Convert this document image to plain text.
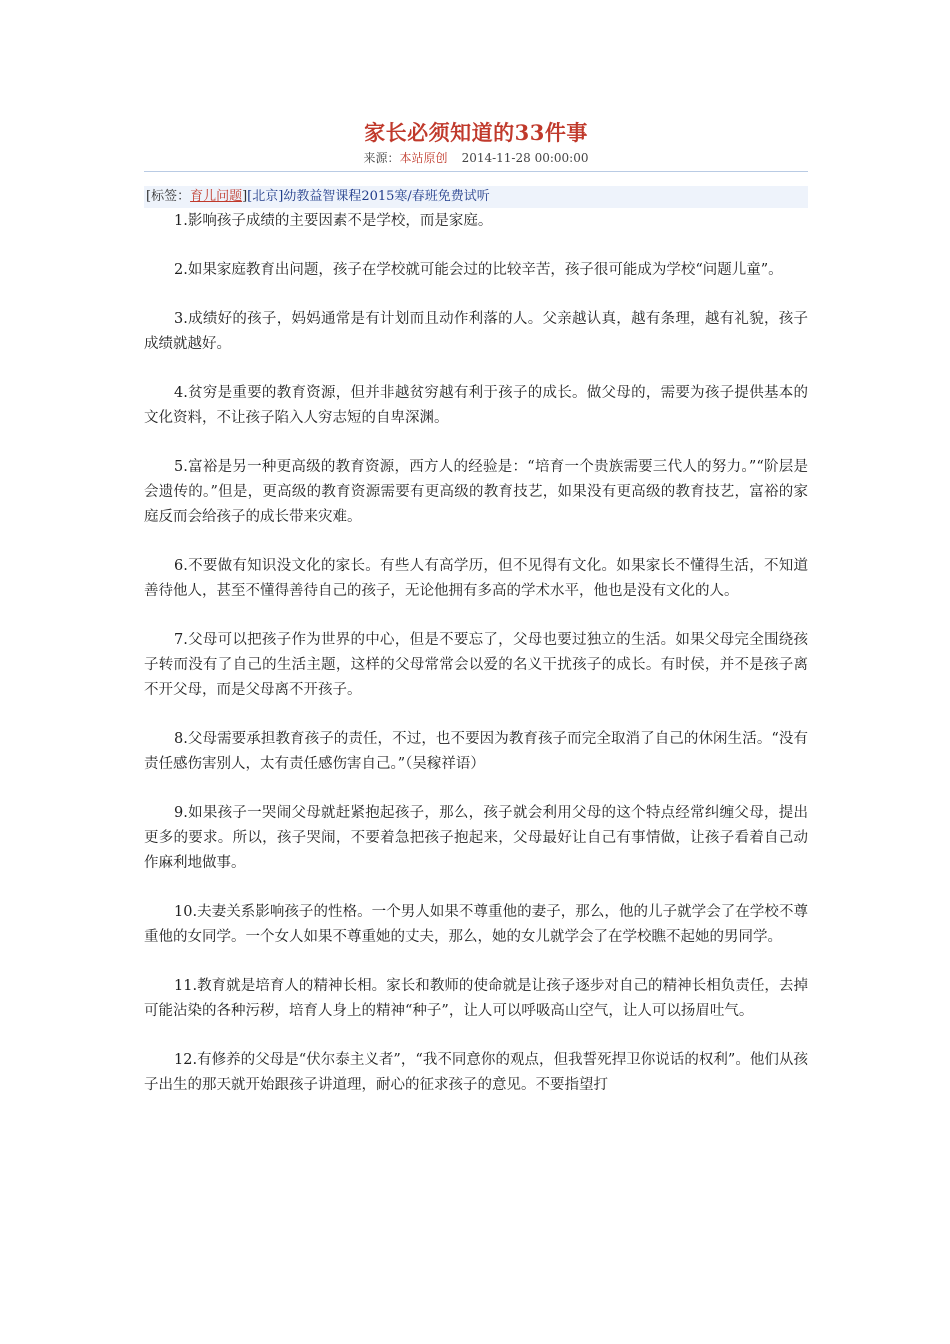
家长必须知道的33件事
来源：本站原创 2014-11-28 00:00:00
[标签：育儿问题][北京]幼教益智课程2015寒/春班免费试听

1.影响孩子成绩的主要因素不是学校，而是家庭。

2.如果家庭教育出问题，孩子在学校就可能会过的比较辛苦，孩子很可能成为学校“问题儿童”。

3.成绩好的孩子，妈妈通常是有计划而且动作利落的人。父亲越认真，越有条理，越有礼貌，孩子成绩就越好。

4.贫穷是重要的教育资源，但并非越贫穷越有利于孩子的成长。做父母的，需要为孩子提供基本的文化资料，不让孩子陷入人穷志短的自卑深渊。

5.富裕是另一种更高级的教育资源，西方人的经验是：“培育一个贵族需要三代人的努力。”“阶层是会遗传的。”但是，更高级的教育资源需要有更高级的教育技艺，如果没有更高级的教育技艺，富裕的家庭反而会给孩子的成长带来灾难。

6.不要做有知识没文化的家长。有些人有高学历，但不见得有文化。如果家长不懂得生活，不知道善待他人，甚至不懂得善待自己的孩子，无论他拥有多高的学术水平，他也是没有文化的人。

7.父母可以把孩子作为世界的中心，但是不要忘了，父母也要过独立的生活。如果父母完全围绕孩子转而没有了自己的生活主题，这样的父母常常会以爱的名义干扰孩子的成长。有时侯，并不是孩子离不开父母，而是父母离不开孩子。

8.父母需要承担教育孩子的责任，不过，也不要因为教育孩子而完全取消了自己的休闲生活。“没有责任感伤害别人，太有责任感伤害自己。”（吴稼祥语）

9.如果孩子一哭闹父母就赶紧抱起孩子，那么，孩子就会利用父母的这个特点经常纠缠父母，提出更多的要求。所以，孩子哭闹，不要着急把孩子抱起来，父母最好让自己有事情做，让孩子看着自己动作麻利地做事。

10.夫妻关系影响孩子的性格。一个男人如果不尊重他的妻子，那么，他的儿子就学会了在学校不尊重他的女同学。一个女人如果不尊重她的丈夫，那么，她的女儿就学会了在学校瞧不起她的男同学。

11.教育就是培育人的精神长相。家长和教师的使命就是让孩子逐步对自己的精神长相负责任，去掉可能沾染的各种污秽，培育人身上的精神“种子”，让人可以呼吸高山空气，让人可以扬眉吐气。

12.有修养的父母是“伏尔泰主义者”，“我不同意你的观点，但我誓死捍卫你说话的权利”。他们从孩子出生的那天就开始跟孩子讲道理，耐心的征求孩子的意见。不要指望打
